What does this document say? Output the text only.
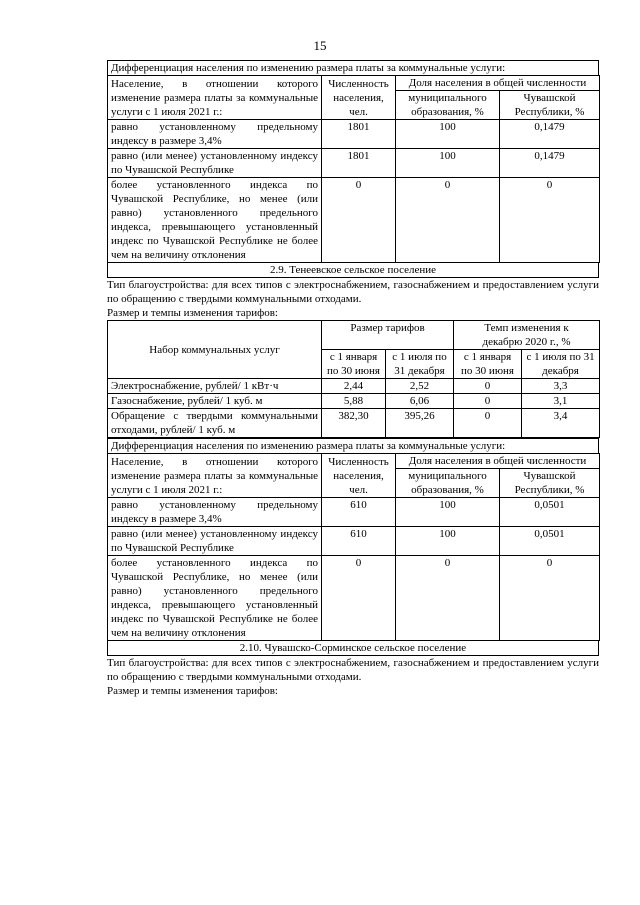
15
Дифференциация населения по изменению размера платы за коммунальные услуги:
Население, в отношении которого изменение размера платы за коммунальные услуги с 1 июля 2021 г.:	Численность населения, чел.	Доля населения в общей численности	
		муниципального образования, %	Чувашской Республики, %
равно установленному предельному индексу в размере 3,4%	1801	100	0,1479
равно (или менее) установленному индексу по Чувашской Республике	1801	100	0,1479
более установленного индекса по Чувашской Республике, но менее (или равно) установленного предельного индекса, превышающего установленный индекс по Чувашской Республике не более чем на величину отклонения	0	0	0
2.9. Тенеевское сельское поселение
Тип благоустройства: для всех типов с электроснабжением, газоснабжением и предоставлением услуги по обращению с твердыми коммунальными отходами.
Размер и темпы изменения тарифов:
Набор коммунальных услуг	Размер тарифов		Темп изменения к декабрю 2020 г., %	
	с 1 января по 30 июня	с 1 июля по 31 декабря	с 1 января по 30 июня	с 1 июля по 31 декабря
Электроснабжение, рублей/ 1 кВт·ч	2,44	2,52	0	3,3
Газоснабжение, рублей/ 1 куб. м	5,88	6,06	0	3,1
Обращение с твердыми коммунальными отходами, рублей/ 1 куб. м	382,30	395,26	0	3,4
Дифференциация населения по изменению размера платы за коммунальные услуги:
Население, в отношении которого изменение размера платы за коммунальные услуги с 1 июля 2021 г.:	Численность населения, чел.	Доля населения в общей численности	
		муниципального образования, %	Чувашской Республики, %
равно установленному предельному индексу в размере 3,4%	610	100	0,0501
равно (или менее) установленному индексу по Чувашской Республике	610	100	0,0501
более установленного индекса по Чувашской Республике, но менее (или равно) установленного предельного индекса, превышающего установленный индекс по Чувашской Республике не более чем на величину отклонения	0	0	0
2.10. Чувашско-Сорминское сельское поселение
Тип благоустройства: для всех типов с электроснабжением, газоснабжением и предоставлением услуги по обращению с твердыми коммунальными отходами.
Размер и темпы изменения тарифов:
